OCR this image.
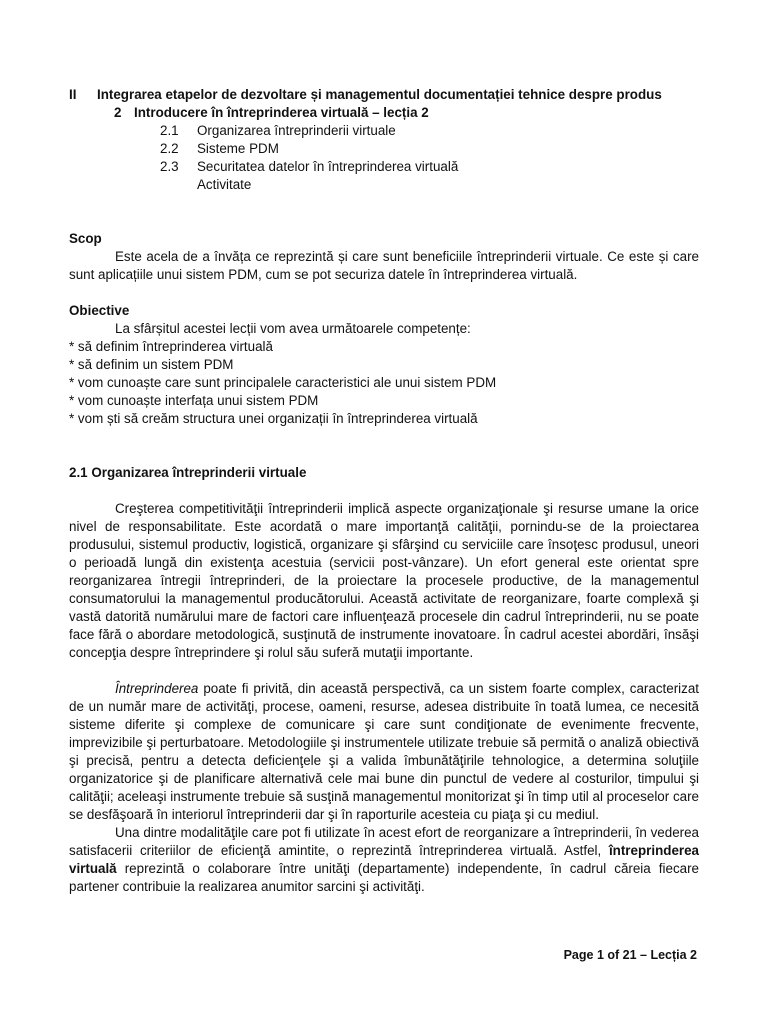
II	Integrarea etapelor de dezvoltare și managementul documentației tehnice despre produs
2 Introducere în întreprinderea virtuală – lecția 2
2.1	Organizarea întreprinderii virtuale
2.2	Sisteme PDM
2.3	Securitatea datelor în întreprinderea virtuală
Activitate
Scop
Este acela de a învăța ce reprezintă și care sunt beneficiile întreprinderii virtuale. Ce este și care sunt aplicațiile unui sistem PDM, cum se pot securiza datele în întreprinderea virtuală.
Obiective
La sfârșitul acestei lecții vom avea următoarele competențe:
* să definim întreprinderea virtuală
* să definim un sistem PDM
* vom cunoaște care sunt principalele caracteristici ale unui sistem PDM
* vom cunoaște interfața unui sistem PDM
* vom ști să creăm structura unei organizații în întreprinderea virtuală
2.1 Organizarea întreprinderii virtuale
Creşterea competitivităţii întreprinderii implică aspecte organizaţionale şi resurse umane la orice nivel de responsabilitate. Este acordată o mare importanţă calităţii, pornindu-se de la proiectarea produsului, sistemul productiv, logistică, organizare şi sfârşind cu serviciile care însoţesc produsul, uneori o perioadă lungă din existenţa acestuia (servicii post-vânzare). Un efort general este orientat spre reorganizarea întregii întreprinderi, de la proiectare la procesele productive, de la managementul consumatorului la managementul producătorului. Această activitate de reorganizare, foarte complexă şi vastă datorită numărului mare de factori care influenţează procesele din cadrul întreprinderii, nu se poate face fără o abordare metodologică, susţinută de instrumente inovatoare. În cadrul acestei abordări, însăşi concepţia despre întreprindere şi rolul său suferă mutaţii importante.
Întreprinderea poate fi privită, din această perspectivă, ca un sistem foarte complex, caracterizat de un număr mare de activităţi, procese, oameni, resurse, adesea distribuite în toată lumea, ce necesită sisteme diferite şi complexe de comunicare şi care sunt condiţionate de evenimente frecvente, imprevizibile şi perturbatoare. Metodologiile şi instrumentele utilizate trebuie să permită o analiză obiectivă şi precisă, pentru a detecta deficienţele şi a valida îmbunătăţirile tehnologice, a determina soluţiile organizatorice şi de planificare alternativă cele mai bune din punctul de vedere al costurilor, timpului şi calităţii; aceleaşi instrumente trebuie să susţină managementul monitorizat şi în timp util al proceselor care se desfăşoară în interiorul întreprinderii dar şi în raporturile acesteia cu piaţa şi cu mediul.
Una dintre modalităţile care pot fi utilizate în acest efort de reorganizare a întreprinderii, în vederea satisfacerii criteriilor de eficienţă amintite, o reprezintă întreprinderea virtuală. Astfel, întreprinderea virtuală reprezintă o colaborare între unităţi (departamente) independente, în cadrul căreia fiecare partener contribuie la realizarea anumitor sarcini şi activităţi.
Page 1 of 21 – Lecția 2
